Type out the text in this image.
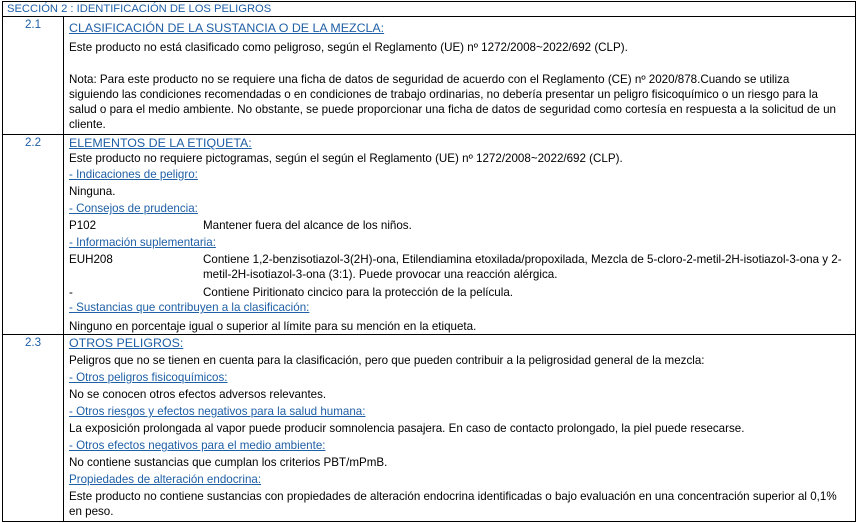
SECCIÓN 2 : IDENTIFICACIÓN DE LOS PELIGROS
2.1	CLASIFICACIÓN DE LA SUSTANCIA O DE LA MEZCLA:
Este producto no está clasificado como peligroso, según el Reglamento (UE) nº 1272/2008~2022/692 (CLP).
Nota: Para este producto no se requiere una ficha de datos de seguridad de acuerdo con el Reglamento (CE) nº 2020/878.Cuando se utiliza siguiendo las condiciones recomendadas o en condiciones de trabajo ordinarias, no debería presentar un peligro fisicoquímico o un riesgo para la salud o para el medio ambiente. No obstante, se puede proporcionar una ficha de datos de seguridad como cortesía en respuesta a la solicitud de un cliente.
2.2	ELEMENTOS DE LA ETIQUETA:
Este producto no requiere pictogramas, según el según el Reglamento (UE) nº 1272/2008~2022/692 (CLP).
- Indicaciones de peligro:
Ninguna.
- Consejos de prudencia:
P102	Mantener fuera del alcance de los niños.
- Información suplementaria:
EUH208	Contiene 1,2-benzisotiazol-3(2H)-ona, Etilendiamina etoxilada/propoxilada, Mezcla de 5-cloro-2-metil-2H-isotiazol-3-ona y 2-metil-2H-isotiazol-3-ona (3:1). Puede provocar una reacción alérgica.
-	Contiene Piritionato cincico para la protección de la película.
- Sustancias que contribuyen a la clasificación:
Ninguno en porcentaje igual o superior al límite para su mención en la etiqueta.
2.3	OTROS PELIGROS:
Peligros que no se tienen en cuenta para la clasificación, pero que pueden contribuir a la peligrosidad general de la mezcla:
- Otros peligros fisicoquímicos:
No se conocen otros efectos adversos relevantes.
- Otros riesgos y efectos negativos para la salud humana:
La exposición prolongada al vapor puede producir somnolencia pasajera. En caso de contacto prolongado, la piel puede resecarse.
- Otros efectos negativos para el medio ambiente:
No contiene sustancias que cumplan los criterios PBT/mPmB.
Propiedades de alteración endocrina:
Este producto no contiene sustancias con propiedades de alteración endocrina identificadas o bajo evaluación en una concentración superior al 0,1% en peso.
